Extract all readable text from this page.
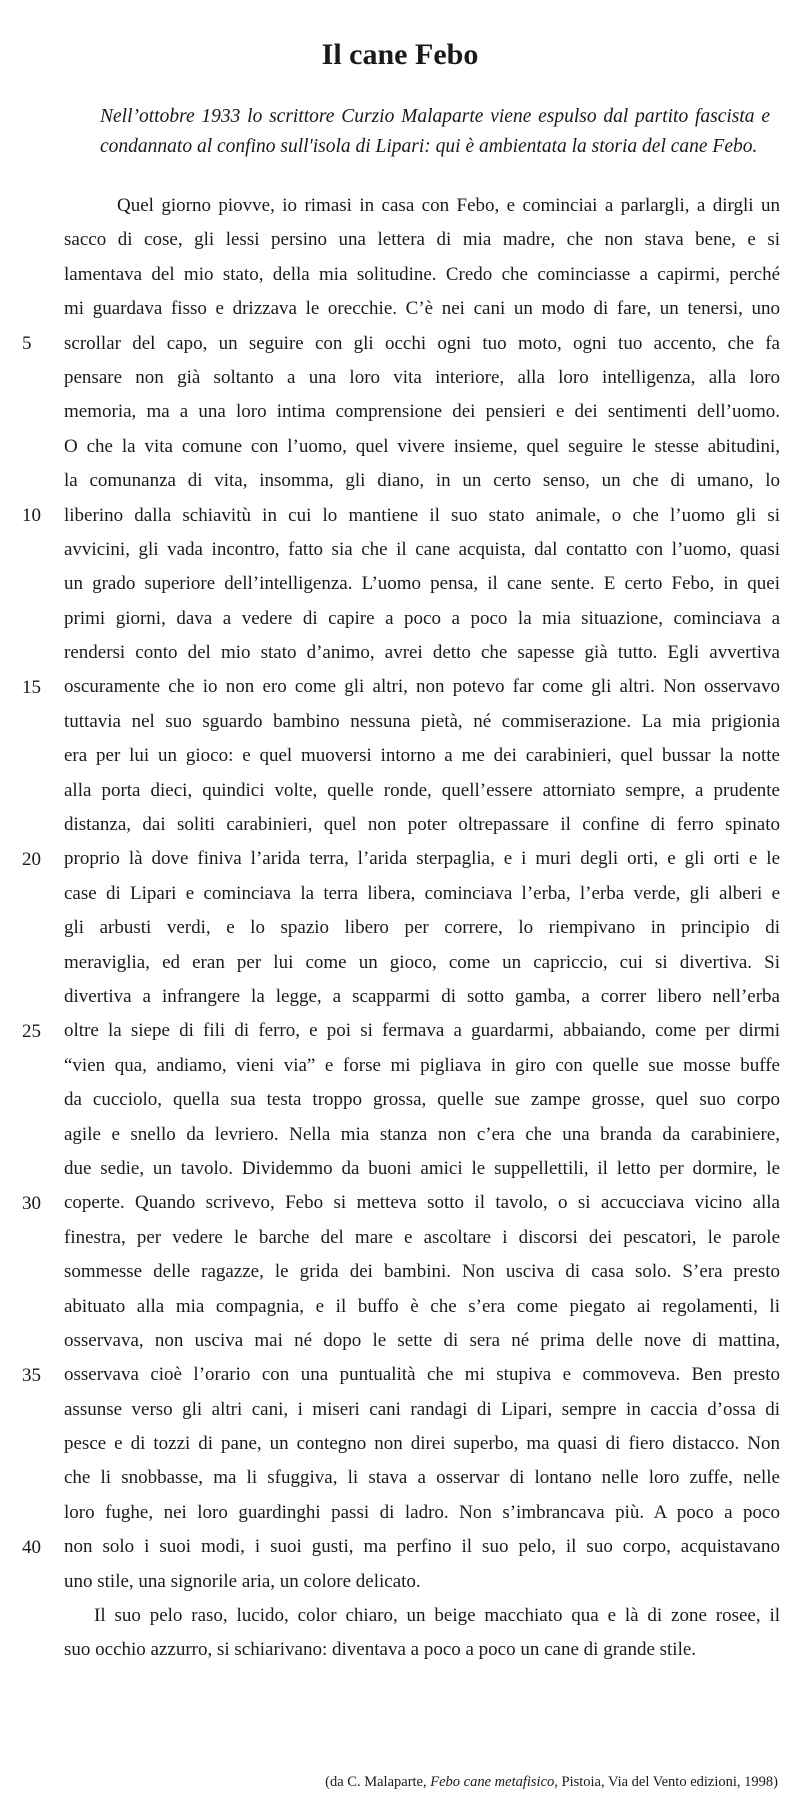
Il cane Febo

Nell’ottobre 1933 lo scrittore Curzio Malaparte viene espulso dal partito fascista e condannato al confino sull'isola di Lipari: qui è ambientata la storia del cane Febo.

Quel giorno piovve, io rimasi in casa con Febo, e cominciai a parlargli, a dirgli un
sacco di cose, gli lessi persino una lettera di mia madre, che non stava bene, e si
lamentava del mio stato, della mia solitudine. Credo che cominciasse a capirmi, perché
mi guardava fisso e drizzava le orecchie. C’è nei cani un modo di fare, un tenersi, uno
scrollar del capo, un seguire con gli occhi ogni tuo moto, ogni tuo accento, che fa
pensare non già soltanto a una loro vita interiore, alla loro intelligenza, alla loro
memoria, ma a una loro intima comprensione dei pensieri e dei sentimenti dell’uomo.
O che la vita comune con l’uomo, quel vivere insieme, quel seguire le stesse abitudini,
la comunanza di vita, insomma, gli diano, in un certo senso, un che di umano, lo
liberino dalla schiavitù in cui lo mantiene il suo stato animale, o che l’uomo gli si
avvicini, gli vada incontro, fatto sia che il cane acquista, dal contatto con l’uomo, quasi
un grado superiore dell’intelligenza. L’uomo pensa, il cane sente. E certo Febo, in quei
primi giorni, dava a vedere di capire a poco a poco la mia situazione, cominciava a
rendersi conto del mio stato d’animo, avrei detto che sapesse già tutto. Egli avvertiva
oscuramente che io non ero come gli altri, non potevo far come gli altri. Non osservavo
tuttavia nel suo sguardo bambino nessuna pietà, né commiserazione. La mia prigionia
era per lui un gioco: e quel muoversi intorno a me dei carabinieri, quel bussar la notte
alla porta dieci, quindici volte, quelle ronde, quell’essere attorniato sempre, a prudente
distanza, dai soliti carabinieri, quel non poter oltrepassare il confine di ferro spinato
proprio là dove finiva l’arida terra, l’arida sterpaglia, e i muri degli orti, e gli orti e le
case di Lipari e cominciava la terra libera, cominciava l’erba, l’erba verde, gli alberi e
gli arbusti verdi, e lo spazio libero per correre, lo riempivano in principio di
meraviglia, ed eran per lui come un gioco, come un capriccio, cui si divertiva. Si
divertiva a infrangere la legge, a scapparmi di sotto gamba, a correr libero nell’erba
oltre la siepe di fili di ferro, e poi si fermava a guardarmi, abbaiando, come per dirmi
“vien qua, andiamo, vieni via” e forse mi pigliava in giro con quelle sue mosse buffe
da cucciolo, quella sua testa troppo grossa, quelle sue zampe grosse, quel suo corpo
agile e snello da levriero. Nella mia stanza non c’era che una branda da carabiniere,
due sedie, un tavolo. Dividemmo da buoni amici le suppellettili, il letto per dormire, le
coperte. Quando scrivevo, Febo si metteva sotto il tavolo, o si accucciava vicino alla
finestra, per vedere le barche del mare e ascoltare i discorsi dei pescatori, le parole
sommesse delle ragazze, le grida dei bambini. Non usciva di casa solo. S’era presto
abituato alla mia compagnia, e il buffo è che s’era come piegato ai regolamenti, li
osservava, non usciva mai né dopo le sette di sera né prima delle nove di mattina,
osservava cioè l’orario con una puntualità che mi stupiva e commoveva. Ben presto
assunse verso gli altri cani, i miseri cani randagi di Lipari, sempre in caccia d’ossa di
pesce e di tozzi di pane, un contegno non direi superbo, ma quasi di fiero distacco. Non
che li snobbasse, ma li sfuggiva, li stava a osservar di lontano nelle loro zuffe, nelle
loro fughe, nei loro guardinghi passi di ladro. Non s’imbrancava più. A poco a poco
non solo i suoi modi, i suoi gusti, ma perfino il suo pelo, il suo corpo, acquistavano
uno stile, una signorile aria, un colore delicato.
Il suo pelo raso, lucido, color chiaro, un beige macchiato qua e là di zone rosee, il
suo occhio azzurro, si schiarivano: diventava a poco a poco un cane di grande stile.
(da C. Malaparte, Febo cane metafisico, Pistoia, Via del Vento edizioni, 1998)
5
10
15
20
25
30
35
40
